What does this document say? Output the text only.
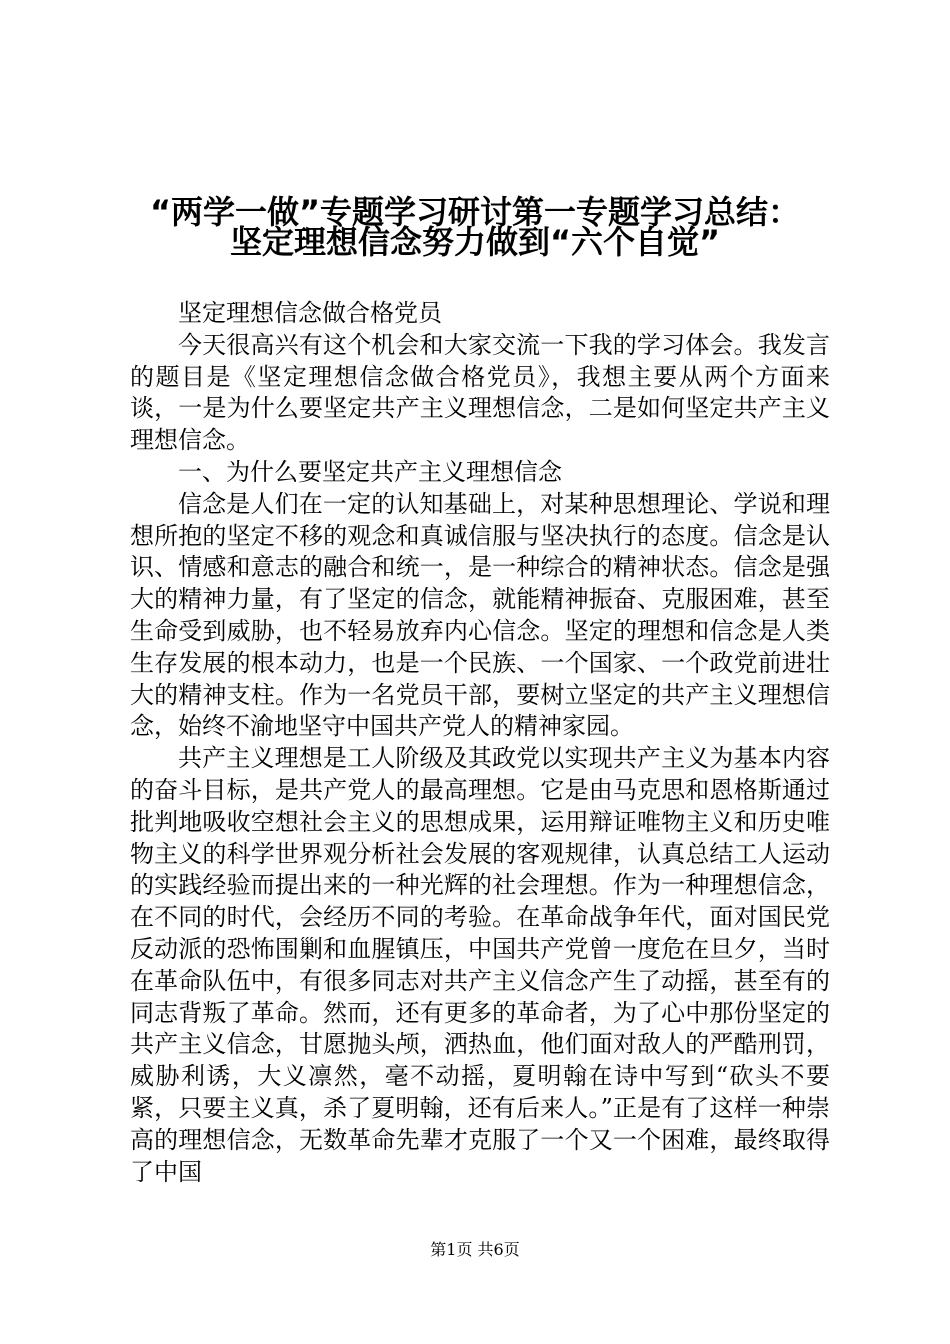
“两学一做”专题学习研讨第一专题学习总结：
坚定理想信念努力做到“六个自觉”

坚定理想信念做合格党员

今天很高兴有这个机会和大家交流一下我的学习体会。我发言的题目是《坚定理想信念做合格党员》，我想主要从两个方面来谈，一是为什么要坚定共产主义理想信念，二是如何坚定共产主义理想信念。

一、为什么要坚定共产主义理想信念

信念是人们在一定的认知基础上，对某种思想理论、学说和理想所抱的坚定不移的观念和真诚信服与坚决执行的态度。信念是认识、情感和意志的融合和统一，是一种综合的精神状态。信念是强大的精神力量，有了坚定的信念，就能精神振奋、克服困难，甚至生命受到威胁，也不轻易放弃内心信念。坚定的理想和信念是人类生存发展的根本动力，也是一个民族、一个国家、一个政党前进壮大的精神支柱。作为一名党员干部，要树立坚定的共产主义理想信念，始终不渝地坚守中国共产党人的精神家园。

共产主义理想是工人阶级及其政党以实现共产主义为基本内容的奋斗目标，是共产党人的最高理想。它是由马克思和恩格斯通过批判地吸收空想社会主义的思想成果，运用辩证唯物主义和历史唯物主义的科学世界观分析社会发展的客观规律，认真总结工人运动的实践经验而提出来的一种光辉的社会理想。作为一种理想信念，在不同的时代，会经历不同的考验。在革命战争年代，面对国民党反动派的恐怖围剿和血腥镇压，中国共产党曾一度危在旦夕，当时在革命队伍中，有很多同志对共产主义信念产生了动摇，甚至有的同志背叛了革命。然而，还有更多的革命者，为了心中那份坚定的共产主义信念，甘愿抛头颅，洒热血，他们面对敌人的严酷刑罚，威胁利诱，大义凛然，毫不动摇，夏明翰在诗中写到“砍头不要紧，只要主义真，杀了夏明翰，还有后来人。”正是有了这样一种崇高的理想信念，无数革命先辈才克服了一个又一个困难，最终取得了中国

第1页 共6页
